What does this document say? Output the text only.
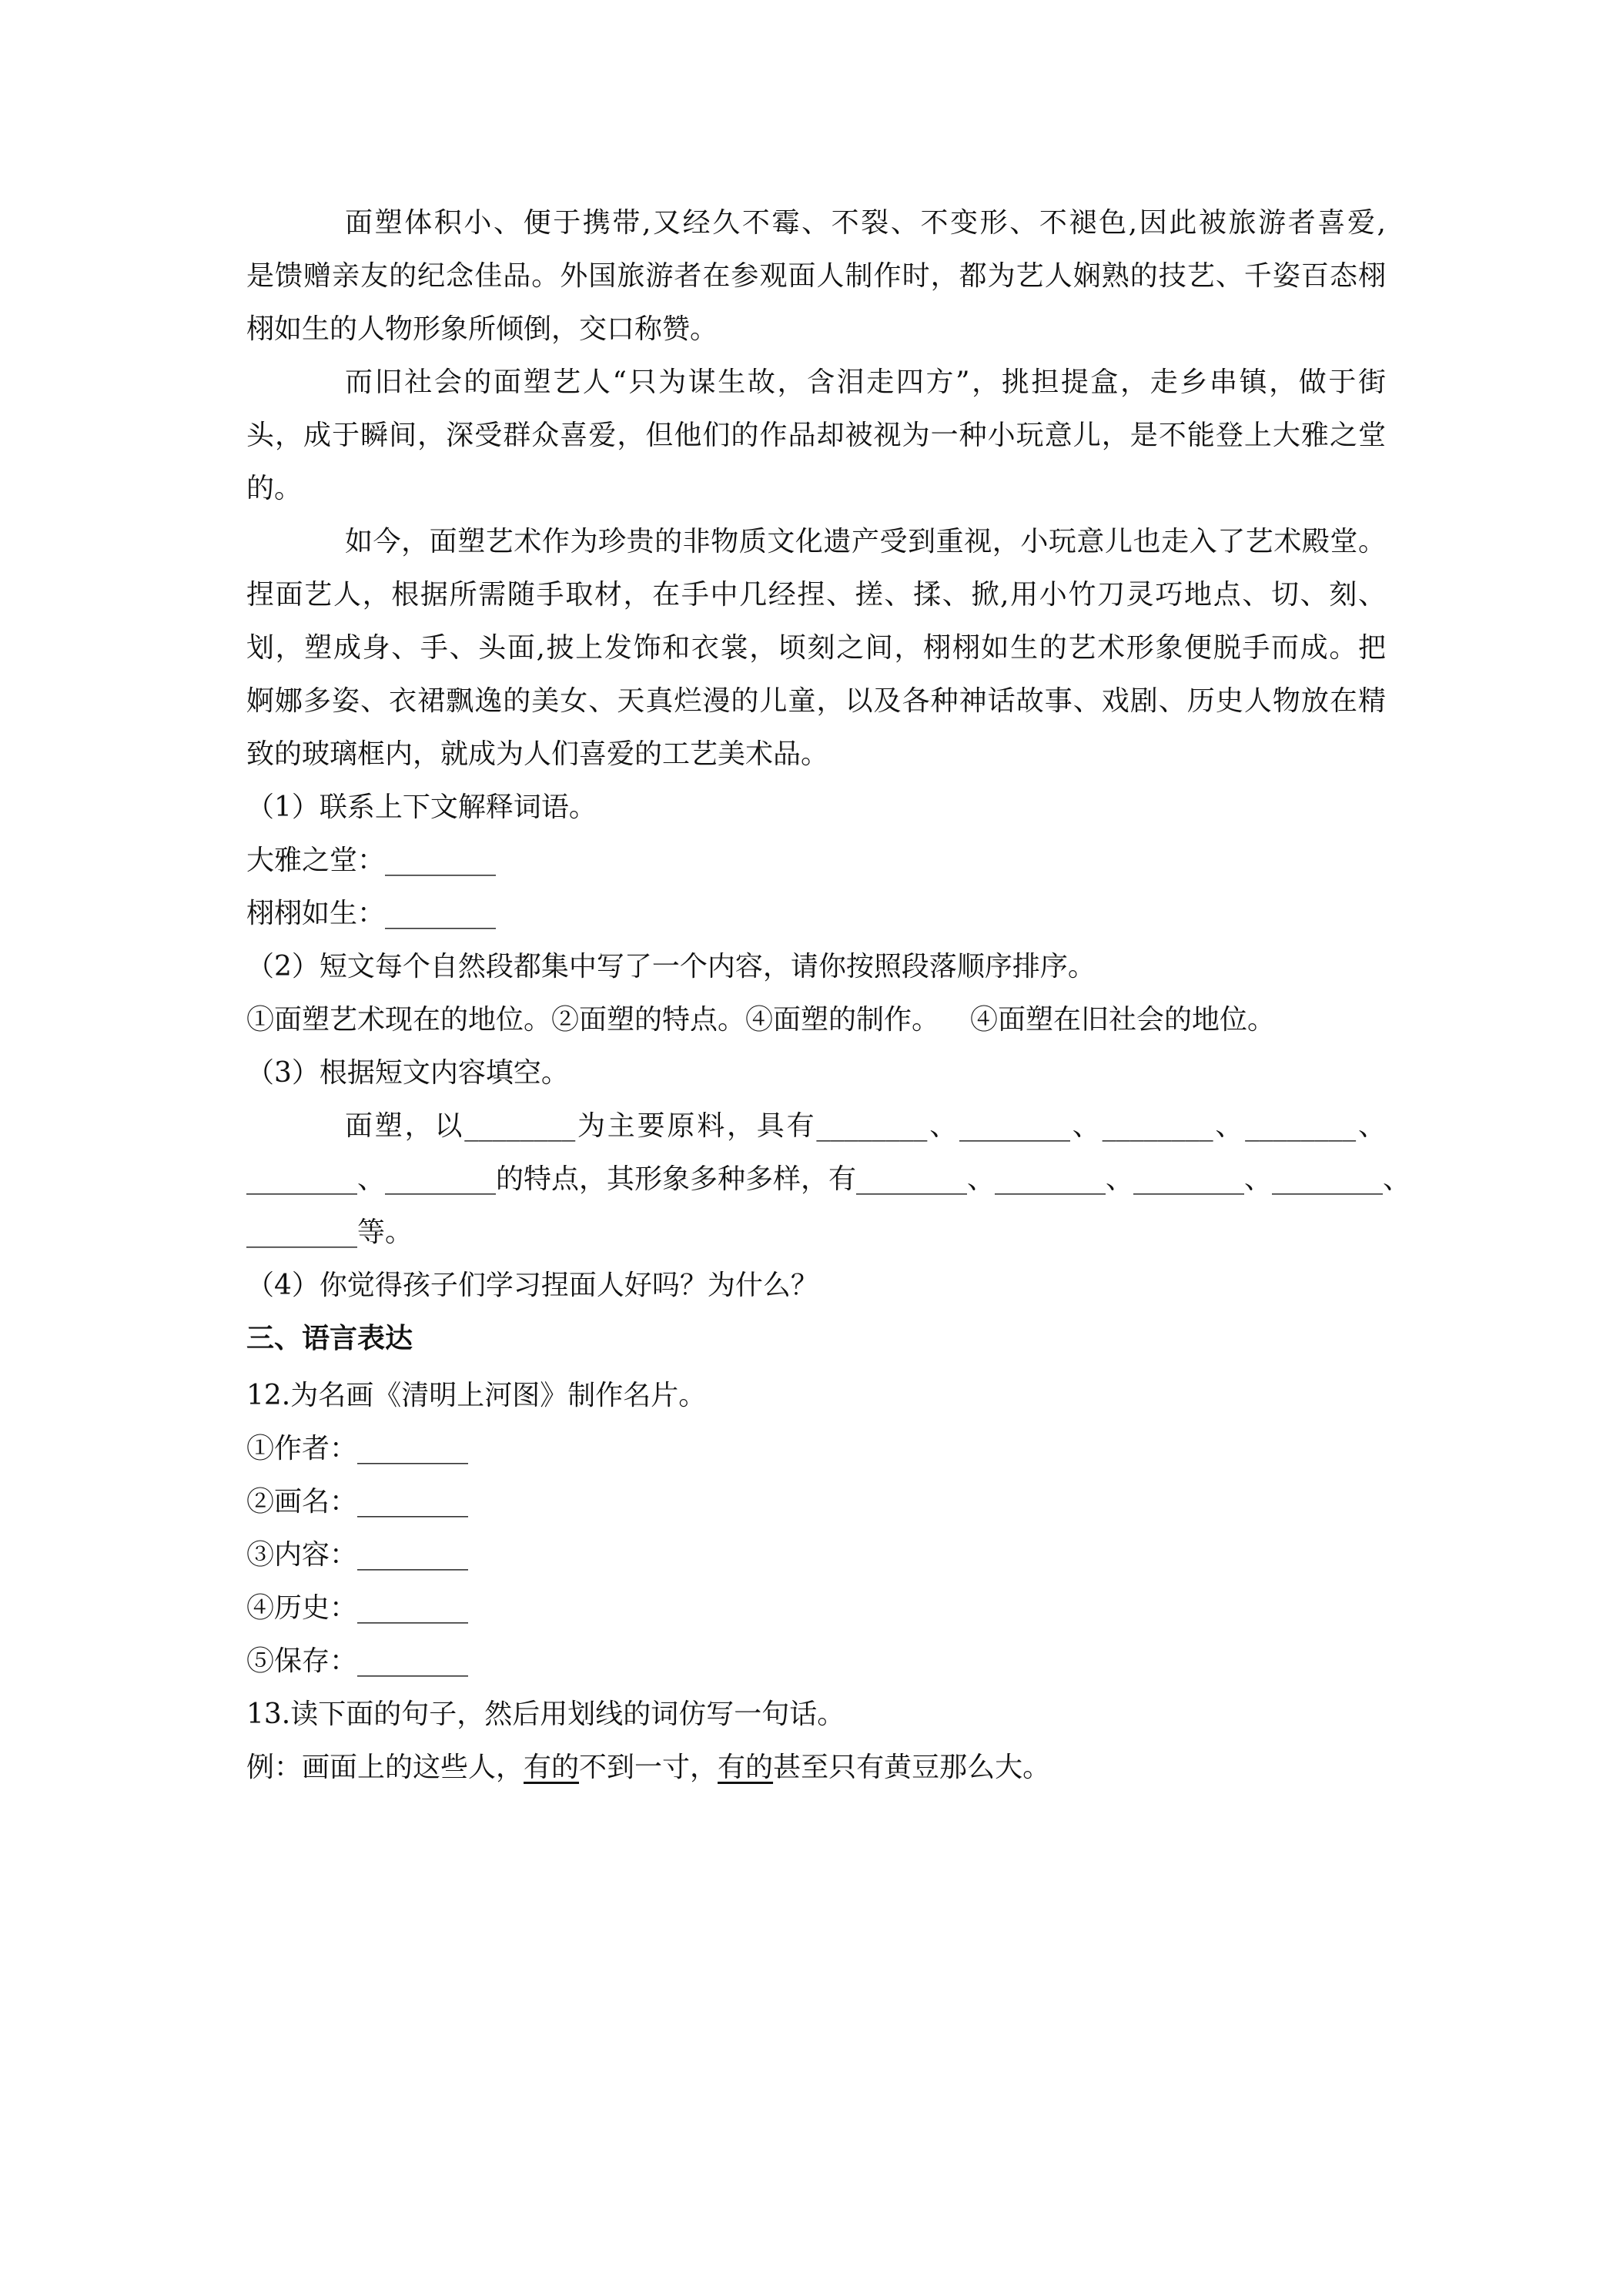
面塑体积小、便于携带,又经久不霉、不裂、不变形、不褪色,因此被旅游者喜爱,
是馈赠亲友的纪念佳品。外国旅游者在参观面人制作时，都为艺人娴熟的技艺、千姿百态栩
栩如生的人物形象所倾倒，交口称赞。
而旧社会的面塑艺人“只为谋生故，含泪走四方”，挑担提盒，走乡串镇，做于街
头，成于瞬间，深受群众喜爱，但他们的作品却被视为一种小玩意儿，是不能登上大雅之堂
的。
如今，面塑艺术作为珍贵的非物质文化遗产受到重视，小玩意儿也走入了艺术殿堂。
捏面艺人，根据所需随手取材，在手中几经捏、搓、揉、掀,用小竹刀灵巧地点、切、刻、
划，塑成身、手、头面,披上发饰和衣裳，顷刻之间，栩栩如生的艺术形象便脱手而成。把
婀娜多姿、衣裙飘逸的美女、天真烂漫的儿童，以及各种神话故事、戏剧、历史人物放在精
致的玻璃框内，就成为人们喜爱的工艺美术品。
（1）联系上下文解释词语。
大雅之堂：________
栩栩如生：________
（2）短文每个自然段都集中写了一个内容，请你按照段落顺序排序。
①面塑艺术现在的地位。②面塑的特点。④面塑的制作。 ④面塑在旧社会的地位。
（3）根据短文内容填空。
面塑，以________为主要原料，具有________、________、________、________、
________、________的特点，其形象多种多样，有________、________、________、________、
________等。
（4）你觉得孩子们学习捏面人好吗？为什么？
三、语言表达
12.为名画《清明上河图》制作名片。
①作者：________
②画名：________
③内容：________
④历史：________
⑤保存：________
13.读下面的句子，然后用划线的词仿写一句话。
例：画面上的这些人，有的不到一寸，有的甚至只有黄豆那么大。
